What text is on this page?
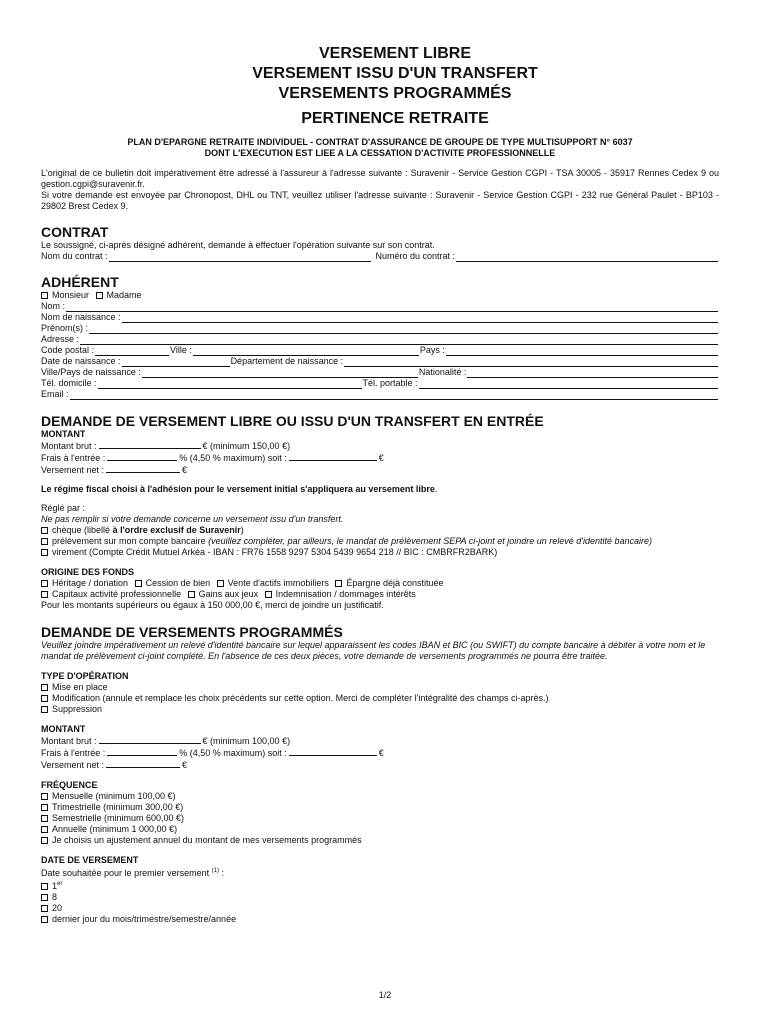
VERSEMENT LIBRE
VERSEMENT ISSU D'UN TRANSFERT
VERSEMENTS PROGRAMMÉS
PERTINENCE RETRAITE
PLAN D'EPARGNE RETRAITE INDIVIDUEL - CONTRAT D'ASSURANCE DE GROUPE DE TYPE MULTISUPPORT N° 6037
DONT L'EXECUTION EST LIEE A LA CESSATION D'ACTIVITE PROFESSIONNELLE
L'original de ce bulletin doit impérativement être adressé à l'assureur à l'adresse suivante : Suravenir - Service Gestion CGPI - TSA 30005 - 35917 Rennes Cedex 9 ou gestion.cgpi@suravenir.fr.
Si votre demande est envoyée par Chronopost, DHL ou TNT, veuillez utiliser l'adresse suivante : Suravenir - Service Gestion CGPI - 232 rue Général Paulet - BP103 - 29802 Brest Cedex 9.
CONTRAT
Le soussigné, ci-après désigné adhérent, demande à effectuer l'opération suivante sur son contrat.
Nom du contrat :	Numéro du contrat :
ADHÉRENT
Monsieur Madame
Nom :
Nom de naissance :
Prénom(s) :
Adresse :
Code postal :	Ville :	Pays :
Date de naissance :	Département de naissance :
Ville/Pays de naissance :	Nationalité :
Tél. domicile :	Tél. portable :
Email :
DEMANDE DE VERSEMENT LIBRE OU ISSU D'UN TRANSFERT EN ENTRÉE
MONTANT
Montant brut :	€ (minimum 150,00 €)
Frais à l'entrée :	% (4,50 % maximum) soit :	€
Versement net :	€
Le régime fiscal choisi à l'adhésion pour le versement initial s'appliquera au versement libre.
Réglé par :
Ne pas remplir si votre demande concerne un versement issu d'un transfert.
chèque (libellé à l'ordre exclusif de Suravenir)
prélèvement sur mon compte bancaire (veuillez compléter, par ailleurs, le mandat de prélèvement SEPA ci-joint et joindre un relevé d'identité bancaire)
virement (Compte Crédit Mutuel Arkéa - IBAN : FR76 1558 9297 5304 5439 9654 218 // BIC : CMBRFR2BARK)
ORIGINE DES FONDS
Héritage / donation Cession de bien Vente d'actifs immobiliers Épargne déjà constituée
Capitaux activité professionnelle Gains aux jeux Indemnisation / dommages intérêts
Pour les montants supérieurs ou égaux à 150 000,00 €, merci de joindre un justificatif.
DEMANDE DE VERSEMENTS PROGRAMMÉS
Veuillez joindre impérativement un relevé d'identité bancaire sur lequel apparaissent les codes IBAN et BIC (ou SWIFT) du compte bancaire à débiter à votre nom et le mandat de prélèvement ci-joint complété. En l'absence de ces deux pièces, votre demande de versements programmés ne pourra être traitée.
TYPE D'OPÉRATION
Mise en place
Modification (annule et remplace les choix précédents sur cette option. Merci de compléter l'intégralité des champs ci-après.)
Suppression
MONTANT
Montant brut :	€ (minimum 100,00 €)
Frais à l'entrée :	% (4,50 % maximum) soit :	€
Versement net :	€
FRÉQUENCE
Mensuelle (minimum 100,00 €)
Trimestrielle (minimum 300,00 €)
Semestrielle (minimum 600,00 €)
Annuelle (minimum 1 000,00 €)
Je choisis un ajustement annuel du montant de mes versements programmés
DATE DE VERSEMENT
Date souhaitée pour le premier versement $^{(1)}$ :
1er
8
20
dernier jour du mois/trimestre/semestre/année
1/2
